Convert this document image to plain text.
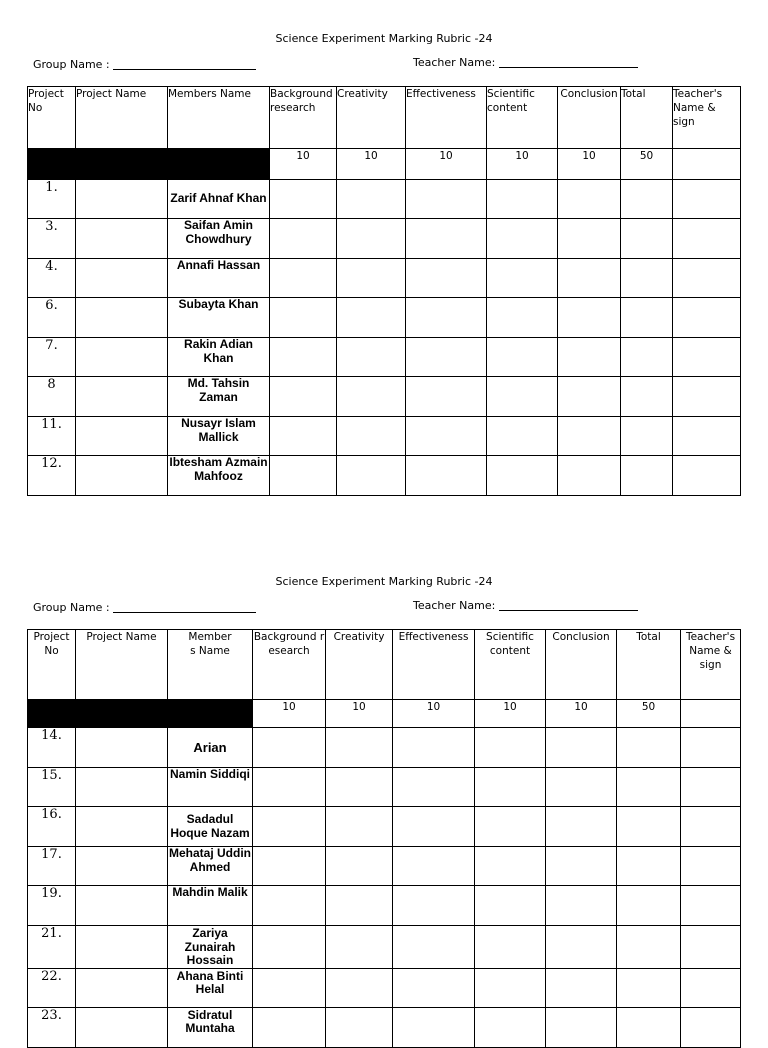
Science Experiment Marking Rubric -24
Group Name :	Teacher Name:
Project No	Project Name	Members Name	Background research	Creativity	Effectiveness	Scientific content	Conclusion	Total	Teacher's Name & sign
			10	10	10	10	10	50	
1.		Zarif Ahnaf Khan							
3.		Saifan Amin Chowdhury							
4.		Annafi Hassan							
6.		Subayta Khan							
7.		Rakin Adian Khan							
8		Md. Tahsin Zaman							
11.		Nusayr Islam Mallick							
12.		Ibtesham Azmain Mahfooz							
Science Experiment Marking Rubric -24
Group Name :	Teacher Name:
Project No	Project Name	Members Name	Background research	Creativity	Effectiveness	Scientific content	Conclusion	Total	Teacher's Name & sign
			10	10	10	10	10	50	
14.		Arian							
15.		Namin Siddiqi							
16.		Sadadul Hoque Nazam							
17.		Mehataj Uddin Ahmed							
19.		Mahdin Malik							
21.		Zariya Zunairah Hossain							
22.		Ahana Binti Helal							
23.		Sidratul Muntaha							
